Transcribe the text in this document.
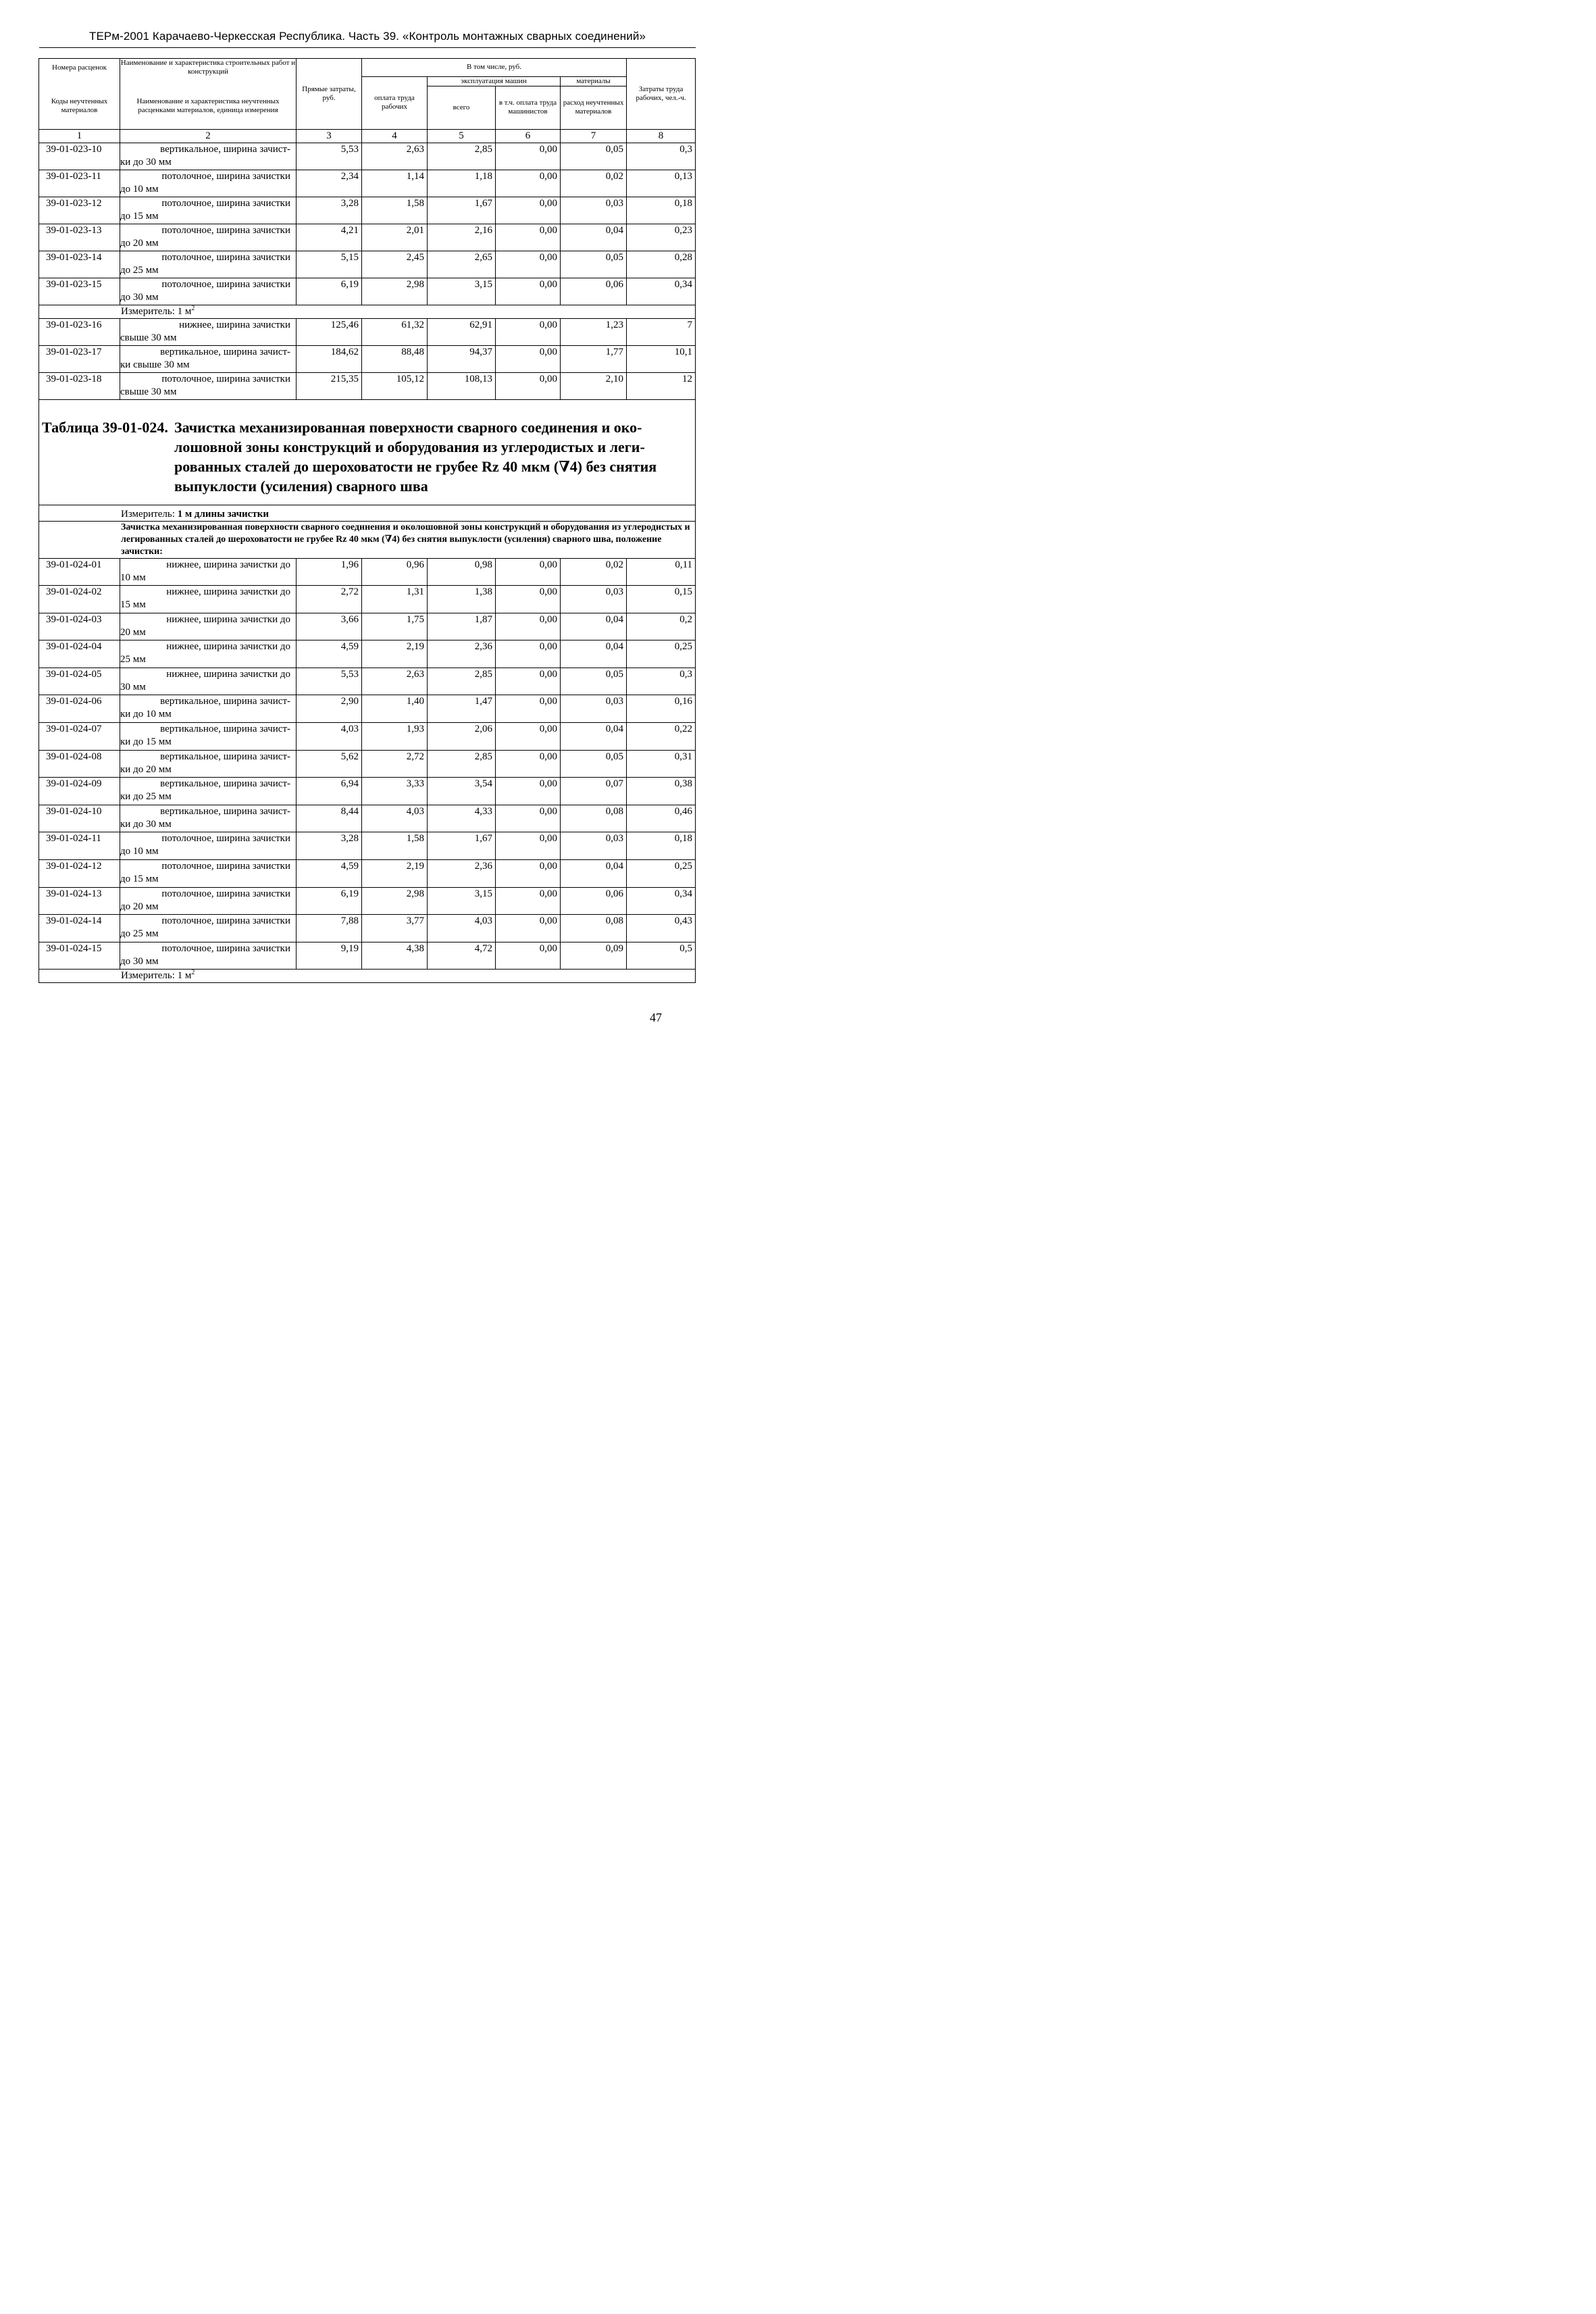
ТЕРм-2001 Карачаево-Черкесская Республика. Часть 39. «Контроль монтажных сварных соединений»
Номера расценок	Наименование и характеристика строительных работ и конструкций	Прямые затраты, руб.	В том числе, руб.				Затраты труда рабочих, чел.-ч.
Коды неучтенных материалов	Наименование и характеристика неучтенных расценками материалов, единица измерения		оплата труда рабочих	эксплуатация машин		материалы	
				всего	в т.ч. оплата труда машинистов	расход неучтенных материалов	
1	2	3	4	5	6	7	8
39-01-023-10	вертикальное, ширина зачист-
ки до 30 мм	5,53	2,63	2,85	0,00	0,05	0,3
39-01-023-11	потолочное, ширина зачистки
до 10 мм	2,34	1,14	1,18	0,00	0,02	0,13
39-01-023-12	потолочное, ширина зачистки
до 15 мм	3,28	1,58	1,67	0,00	0,03	0,18
39-01-023-13	потолочное, ширина зачистки
до 20 мм	4,21	2,01	2,16	0,00	0,04	0,23
39-01-023-14	потолочное, ширина зачистки
до 25 мм	5,15	2,45	2,65	0,00	0,05	0,28
39-01-023-15	потолочное, ширина зачистки
до 30 мм	6,19	2,98	3,15	0,00	0,06	0,34
Измеритель: 1 $м^2$
39-01-023-16	нижнее, ширина зачистки
свыше 30 мм	125,46	61,32	62,91	0,00	1,23	7
39-01-023-17	вертикальное, ширина зачист-
ки свыше 30 мм	184,62	88,48	94,37	0,00	1,77	10,1
39-01-023-18	потолочное, ширина зачистки
свыше 30 мм	215,35	105,12	108,13	0,00	2,10	12
Таблица 39-01-024. Зачистка механизированная поверхности сварного соединения и око-
лошовной зоны конструкций и оборудования из углеродистых и леги-
рованных сталей до шероховатости не грубее Rz 40 мкм (∇4) без снятия
выпуклости (усиления) сварного шва							

Измеритель: 1 м длины зачистки							
Зачистка механизированная поверхности сварного соединения и околошовной зоны конструкций и оборудования из углеродистых и легированных сталей до шероховатости не грубее Rz 40 мкм (∇4) без снятия выпуклости (усиления) сварного шва, положение зачистки:							
39-01-024-01	нижнее, ширина зачистки до
10 мм	1,96	0,96	0,98	0,00	0,02	0,11
39-01-024-02	нижнее, ширина зачистки до
15 мм	2,72	1,31	1,38	0,00	0,03	0,15
39-01-024-03	нижнее, ширина зачистки до
20 мм	3,66	1,75	1,87	0,00	0,04	0,2
39-01-024-04	нижнее, ширина зачистки до
25 мм	4,59	2,19	2,36	0,00	0,04	0,25
39-01-024-05	нижнее, ширина зачистки до
30 мм	5,53	2,63	2,85	0,00	0,05	0,3
39-01-024-06	вертикальное, ширина зачист-
ки до 10 мм	2,90	1,40	1,47	0,00	0,03	0,16
39-01-024-07	вертикальное, ширина зачист-
ки до 15 мм	4,03	1,93	2,06	0,00	0,04	0,22
39-01-024-08	вертикальное, ширина зачист-
ки до 20 мм	5,62	2,72	2,85	0,00	0,05	0,31
39-01-024-09	вертикальное, ширина зачист-
ки до 25 мм	6,94	3,33	3,54	0,00	0,07	0,38
39-01-024-10	вертикальное, ширина зачист-
ки до 30 мм	8,44	4,03	4,33	0,00	0,08	0,46
39-01-024-11	потолочное, ширина зачистки
до 10 мм	3,28	1,58	1,67	0,00	0,03	0,18
39-01-024-12	потолочное, ширина зачистки
до 15 мм	4,59	2,19	2,36	0,00	0,04	0,25
39-01-024-13	потолочное, ширина зачистки
до 20 мм	6,19	2,98	3,15	0,00	0,06	0,34
39-01-024-14	потолочное, ширина зачистки
до 25 мм	7,88	3,77	4,03	0,00	0,08	0,43
39-01-024-15	потолочное, ширина зачистки
до 30 мм	9,19	4,38	4,72	0,00	0,09	0,5
Измеритель: 1 $м^2$
47
